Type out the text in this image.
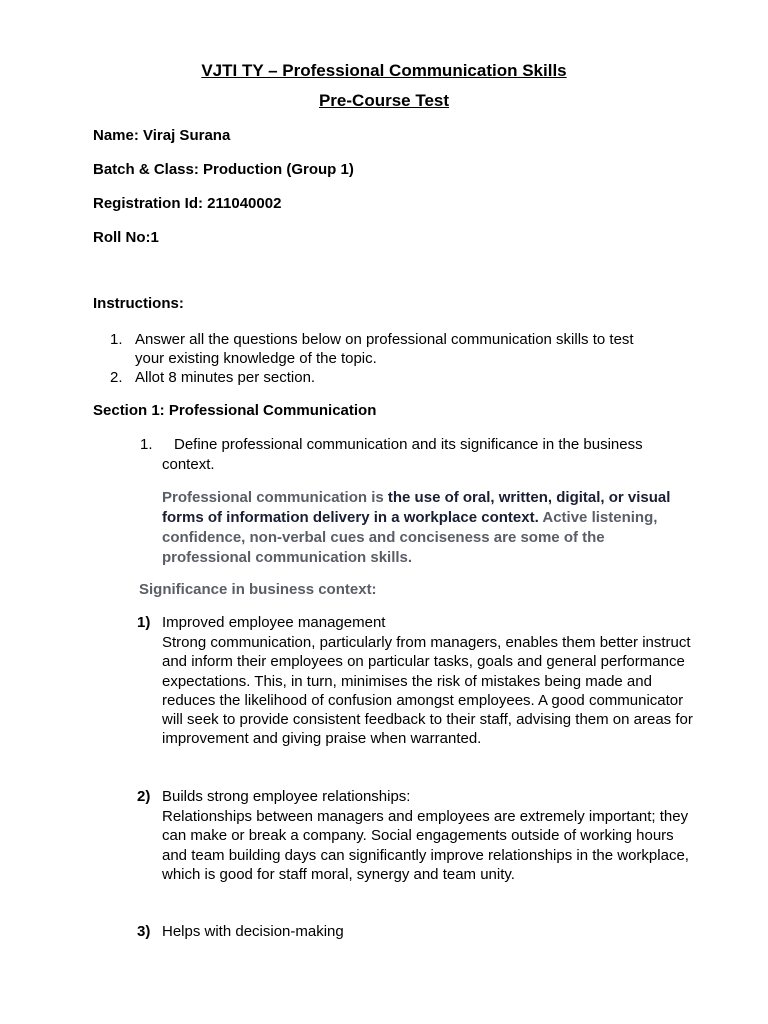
VJTI TY – Professional Communication Skills
Pre-Course Test
Name: Viraj Surana
Batch & Class: Production (Group 1)
Registration Id: 211040002
Roll No:1
Instructions:
1. Answer all the questions below on professional communication skills to test
your existing knowledge of the topic.
2. Allot 8 minutes per section.
Section 1: Professional Communication
1. Define professional communication and its significance in the business
context.
Professional communication is the use of oral, written, digital, or visual forms of information delivery in a workplace context. Active listening, confidence, non-verbal cues and conciseness are some of the professional communication skills.
Significance in business context:
1) Improved employee management
Strong communication, particularly from managers, enables them better instruct and inform their employees on particular tasks, goals and general performance expectations. This, in turn, minimises the risk of mistakes being made and reduces the likelihood of confusion amongst employees. A good communicator will seek to provide consistent feedback to their staff, advising them on areas for improvement and giving praise when warranted.
2) Builds strong employee relationships:
Relationships between managers and employees are extremely important; they can make or break a company. Social engagements outside of working hours and team building days can significantly improve relationships in the workplace, which is good for staff moral, synergy and team unity.
3) Helps with decision-making
